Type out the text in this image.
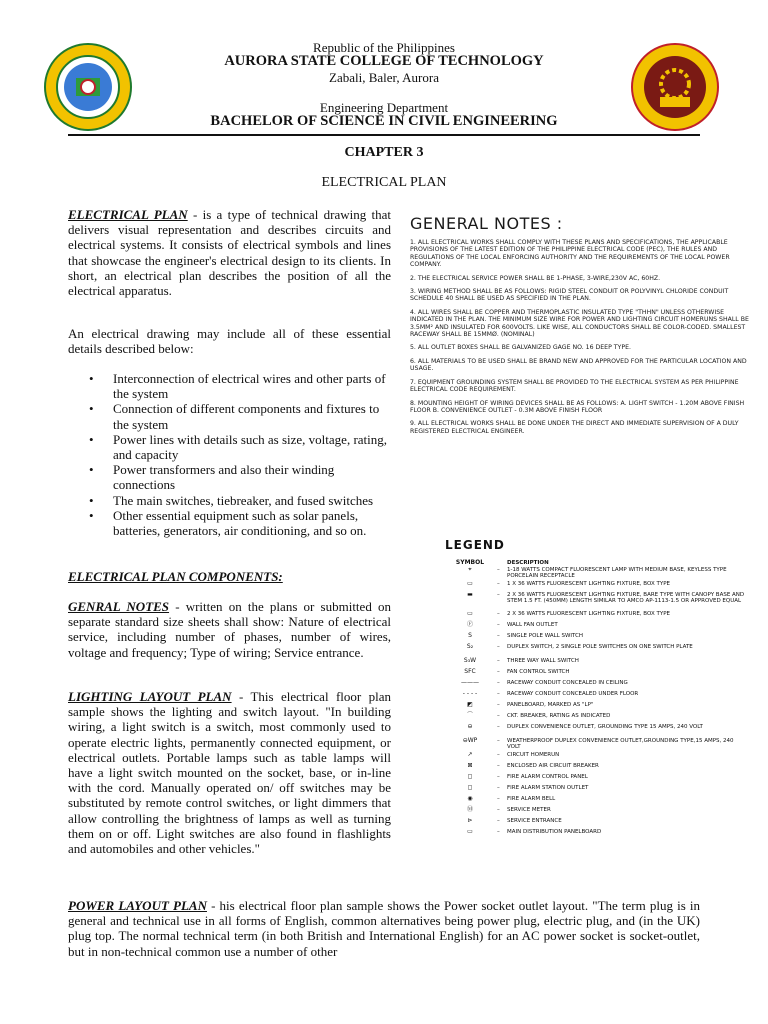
Republic of the Philippines
AURORA STATE COLLEGE OF TECHNOLOGY
Zabali, Baler, Aurora
Engineering Department
BACHELOR OF SCIENCE IN CIVIL ENGINEERING
CHAPTER 3
ELECTRICAL PLAN

ELECTRICAL PLAN - is a type of technical drawing that delivers visual representation and describes circuits and electrical systems. It consists of electrical symbols and lines that showcase the engineer's electrical design to its clients. In short, an electrical plan describes the position of all the electrical apparatus.

An electrical drawing may include all of these essential details described below:
• Interconnection of electrical wires and other parts of the system
• Connection of different components and fixtures to the system
• Power lines with details such as size, voltage, rating, and capacity
• Power transformers and also their winding connections
• The main switches, tiebreaker, and fused switches
• Other essential equipment such as solar panels, batteries, generators, air conditioning, and so on.
ELECTRICAL PLAN COMPONENTS:

GENRAL NOTES - written on the plans or submitted on separate standard size sheets shall show: Nature of electrical service, including number of phases, number of wires, voltage and frequency; Type of wiring; Service entrance.

LIGHTING LAYOUT PLAN - This electrical floor plan sample shows the lighting and switch layout. "In building wiring, a light switch is a switch, most commonly used to operate electric lights, permanently connected equipment, or electrical outlets. Portable lamps such as table lamps will have a light switch mounted on the socket, base, or in-line with the cord. Manually operated on/ off switches may be substituted by remote control switches, or light dimmers that allow controlling the brightness of lamps as well as turning them on or off. Light switches are also found in flashlights and automobiles and other vehicles."

POWER LAYOUT PLAN - his electrical floor plan sample shows the Power socket outlet layout. "The term plug is in general and technical use in all forms of English, common alternatives being power plug, electric plug, and (in the UK) plug top. The normal technical term (in both British and International English) for an AC power socket is socket-outlet, but in non-technical common use a number of other

GENERAL NOTES :
1. ALL ELECTRICAL WORKS SHALL COMPLY WITH THESE PLANS AND SPECIFICATIONS, THE APPLICABLE PROVISIONS OF THE LATEST EDITION OF THE PHILIPPINE ELECTRICAL CODE (PEC), THE RULES AND REGULATIONS OF THE LOCAL ENFORCING AUTHORITY AND THE REQUIREMENTS OF THE LOCAL POWER COMPANY.
2. THE ELECTRICAL SERVICE POWER SHALL BE 1-PHASE, 3-WIRE,230V AC, 60HZ.
3. WIRING METHOD SHALL BE AS FOLLOWS: RIGID STEEL CONDUIT OR POLYVINYL CHLORIDE CONDUIT SCHEDULE 40 SHALL BE USED AS SPECIFIED IN THE PLAN.
4. ALL WIRES SHALL BE COPPER AND THERMOPLASTIC INSULATED TYPE "THHN" UNLESS OTHERWISE INDICATED IN THE PLAN. THE MINIMUM SIZE WIRE FOR POWER AND LIGHTING CIRCUIT HOMERUNS SHALL BE 3.5MM² AND INSULATED FOR 600VOLTS. LIKE WISE, ALL CONDUCTORS SHALL BE COLOR-CODED. SMALLEST RACEWAY SHALL BE 15MMØ. (NOMINAL)
5. ALL OUTLET BOXES SHALL BE GALVANIZED GAGE NO. 16 DEEP TYPE.
6. ALL MATERIALS TO BE USED SHALL BE BRAND NEW AND APPROVED FOR THE PARTICULAR LOCATION AND USAGE.
7. EQUIPMENT GROUNDING SYSTEM SHALL BE PROVIDED TO THE ELECTRICAL SYSTEM AS PER PHILIPPINE ELECTRICAL CODE REQUIREMENT.
8. MOUNTING HEIGHT OF WIRING DEVICES SHALL BE AS FOLLOWS: A. LIGHT SWITCH - 1.20M ABOVE FINISH FLOOR B. CONVENIENCE OUTLET - 0.3M ABOVE FINISH FLOOR
9. ALL ELECTRICAL WORKS SHALL BE DONE UNDER THE DIRECT AND IMMEDIATE SUPERVISION OF A DULY REGISTERED ELECTRICAL ENGINEER.
LEGEND
SYMBOL	DESCRIPTION
⌖	– 1-18 WATTS COMPACT FLUORESCENT LAMP WITH MEDIUM BASE, KEYLESS TYPE PORCELAIN RECEPTACLE
▭	– 1 X 36 WATTS FLUORESCENT LIGHTING FIXTURE, BOX TYPE
▬	– 2 X 36 WATTS FLUORESCENT LIGHTING FIXTURE, BARE TYPE WITH CANOPY BASE AND STEM 1.5 FT. (450MM) LENGTH SIMILAR TO AMCO AP-1113-1.5 OR APPROVED EQUAL
▭	– 2 X 36 WATTS FLUORESCENT LIGHTING FIXTURE, BOX TYPE
Ⓕ	– WALL FAN OUTLET
S	– SINGLE POLE WALL SWITCH
S₂	– DUPLEX SWITCH, 2 SINGLE POLE SWITCHES ON ONE SWITCH PLATE
S₃W	– THREE WAY WALL SWITCH
SFC	– FAN CONTROL SWITCH
———	– RACEWAY CONDUIT CONCEALED IN CEILING
- - - -	– RACEWAY CONDUIT CONCEALED UNDER FLOOR
◩	– PANELBOARD, MARKED AS "LP"
⌒	– CKT. BREAKER, RATING AS INDICATED
⊖	– DUPLEX CONVENIENCE OUTLET, GROUNDING TYPE 15 AMPS, 240 VOLT
⊖WP	– WEATHERPROOF DUPLEX CONVENIENCE OUTLET,GROUNDING TYPE,15 AMPS, 240 VOLT
↗	– CIRCUIT HOMERUN
⊠	– ENCLOSED AIR CIRCUIT BREAKER
◻	– FIRE ALARM CONTROL PANEL
◻	– FIRE ALARM STATION OUTLET
◉	– FIRE ALARM BELL
Ⓜ	– SERVICE METER
⊳	– SERVICE ENTRANCE
▭	– MAIN DISTRIBUTION PANELBOARD
